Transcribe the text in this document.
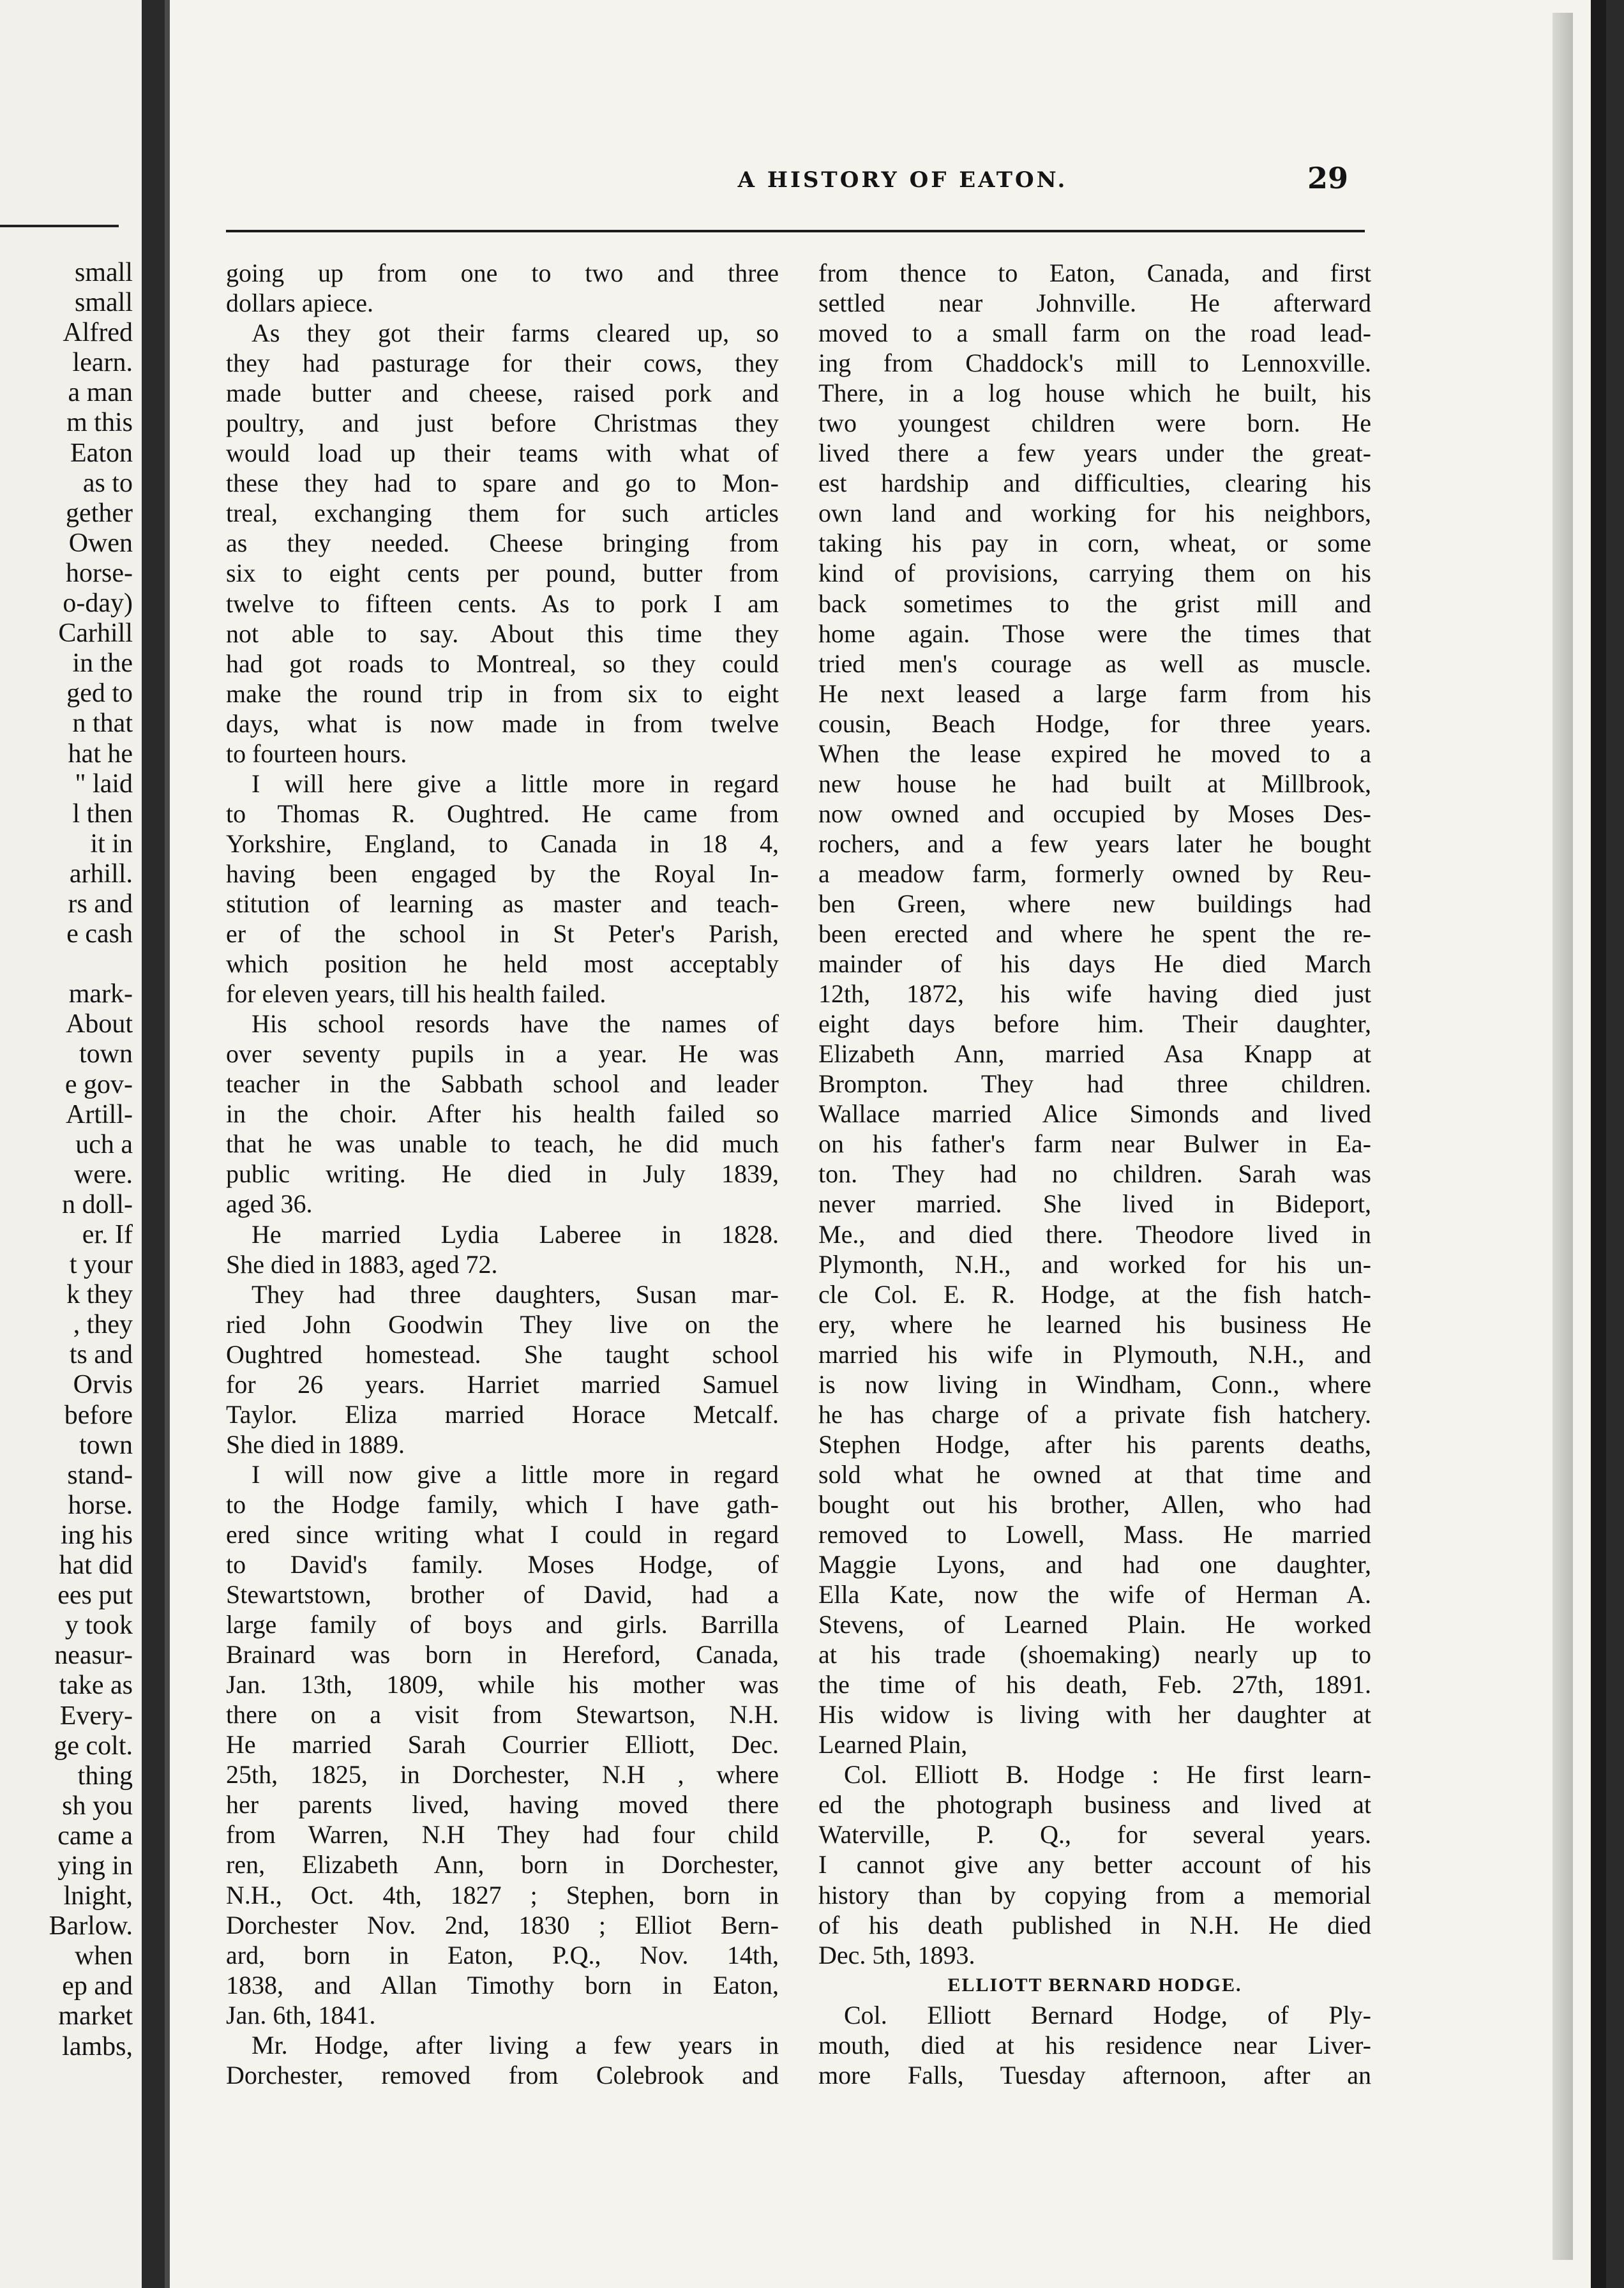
small
small
Alfred
learn.
a man
m this
Eaton
as to
gether
Owen
horse-
o-day)
Carhill
in the
ged to
n that
hat he
" laid
l then
it in
arhill.
rs and
e cash
mark-
About
town
e gov-
Artill-
uch a
were.
n doll-
er. If
t your
k they
, they
ts and
Orvis
before
town
stand-
horse.
ing his
hat did
ees put
y took
neasur-
take as
Every-
ge colt.
thing
sh you
came a
ying in
lnight,
Barlow.
when
ep and
market
lambs,
A HISTORY OF EATON.	29
going up from one to two and three
dollars apiece.
As they got their farms cleared up, so
they had pasturage for their cows, they
made butter and cheese, raised pork and
poultry, and just before Christmas they
would load up their teams with what of
these they had to spare and go to Mon-
treal, exchanging them for such articles
as they needed. Cheese bringing from
six to eight cents per pound, butter from
twelve to fifteen cents. As to pork I am
not able to say. About this time they
had got roads to Montreal, so they could
make the round trip in from six to eight
days, what is now made in from twelve
to fourteen hours.
I will here give a little more in regard
to Thomas R. Oughtred. He came from
Yorkshire, England, to Canada in 18 4,
having been engaged by the Royal In-
stitution of learning as master and teach-
er of the school in St Peter's Parish,
which position he held most acceptably
for eleven years, till his health failed.
His school resords have the names of
over seventy pupils in a year. He was
teacher in the Sabbath school and leader
in the choir. After his health failed so
that he was unable to teach, he did much
public writing. He died in July 1839,
aged 36.
He married Lydia Laberee in 1828.
She died in 1883, aged 72.
They had three daughters, Susan mar-
ried John Goodwin They live on the
Oughtred homestead. She taught school
for 26 years. Harriet married Samuel
Taylor. Eliza married Horace Metcalf.
She died in 1889.
I will now give a little more in regard
to the Hodge family, which I have gath-
ered since writing what I could in regard
to David's family. Moses Hodge, of
Stewartstown, brother of David, had a
large family of boys and girls. Barrilla
Brainard was born in Hereford, Canada,
Jan. 13th, 1809, while his mother was
there on a visit from Stewartson, N.H.
He married Sarah Courrier Elliott, Dec.
25th, 1825, in Dorchester, N.H , where
her parents lived, having moved there
from Warren, N.H They had four child
ren, Elizabeth Ann, born in Dorchester,
N.H., Oct. 4th, 1827 ; Stephen, born in
Dorchester Nov. 2nd, 1830 ; Elliot Bern-
ard, born in Eaton, P.Q., Nov. 14th,
1838, and Allan Timothy born in Eaton,
Jan. 6th, 1841.
Mr. Hodge, after living a few years in
Dorchester, removed from Colebrook and
from thence to Eaton, Canada, and first
settled near Johnville. He afterward
moved to a small farm on the road lead-
ing from Chaddock's mill to Lennoxville.
There, in a log house which he built, his
two youngest children were born. He
lived there a few years under the great-
est hardship and difficulties, clearing his
own land and working for his neighbors,
taking his pay in corn, wheat, or some
kind of provisions, carrying them on his
back sometimes to the grist mill and
home again. Those were the times that
tried men's courage as well as muscle.
He next leased a large farm from his
cousin, Beach Hodge, for three years.
When the lease expired he moved to a
new house he had built at Millbrook,
now owned and occupied by Moses Des-
rochers, and a few years later he bought
a meadow farm, formerly owned by Reu-
ben Green, where new buildings had
been erected and where he spent the re-
mainder of his days He died March
12th, 1872, his wife having died just
eight days before him. Their daughter,
Elizabeth Ann, married Asa Knapp at
Brompton. They had three children.
Wallace married Alice Simonds and lived
on his father's farm near Bulwer in Ea-
ton. They had no children. Sarah was
never married. She lived in Bideport,
Me., and died there. Theodore lived in
Plymonth, N.H., and worked for his un-
cle Col. E. R. Hodge, at the fish hatch-
ery, where he learned his business He
married his wife in Plymouth, N.H., and
is now living in Windham, Conn., where
he has charge of a private fish hatchery.
Stephen Hodge, after his parents deaths,
sold what he owned at that time and
bought out his brother, Allen, who had
removed to Lowell, Mass. He married
Maggie Lyons, and had one daughter,
Ella Kate, now the wife of Herman A.
Stevens, of Learned Plain. He worked
at his trade (shoemaking) nearly up to
the time of his death, Feb. 27th, 1891.
His widow is living with her daughter at
Learned Plain,
Col. Elliott B. Hodge : He first learn-
ed the photograph business and lived at
Waterville, P. Q., for several years.
I cannot give any better account of his
history than by copying from a memorial
of his death published in N.H. He died
Dec. 5th, 1893.
ELLIOTT BERNARD HODGE.
Col. Elliott Bernard Hodge, of Ply-
mouth, died at his residence near Liver-
more Falls, Tuesday afternoon, after an
